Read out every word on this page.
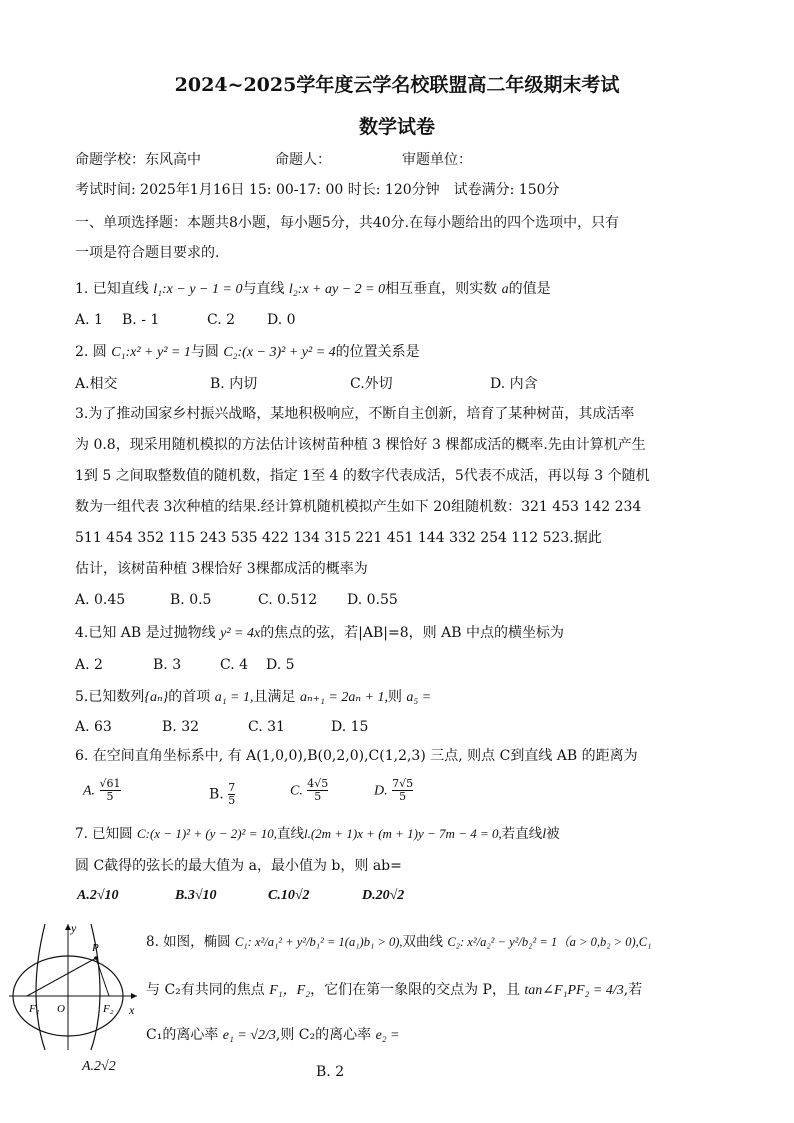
2024~2025学年度云学名校联盟高二年级期末考试
数学试卷
命题学校：东风高中	命题人：	审题单位：
考试时间: 2025年1月16日 15: 00-17: 00 时长: 120分钟　试卷满分: 150分
一、单项选择题：本题共8小题，每小题5分，共40分.在每小题给出的四个选项中，只有
一项是符合题目要求的.
1. 已知直线 l₁:x − y − 1 = 0与直线 l₂:x + ay − 2 = 0相互垂直，则实数 a的值是
A. 1 B. - 1	C. 2 D. 0
2. 圆 C₁:x² + y² = 1与圆 C₂:(x − 3)² + y² = 4的位置关系是
A.相交	B. 内切	C.外切	D. 内含
3.为了推动国家乡村振兴战略，某地积极响应，不断自主创新，培育了某种树苗，其成活率
为 0.8，现采用随机模拟的方法估计该树苗种植 3 棵恰好 3 棵都成活的概率.先由计算机产生
1到 5 之间取整数值的随机数，指定 1至 4 的数字代表成活，5代表不成活，再以每 3 个随机
数为一组代表 3次种植的结果.经计算机随机模拟产生如下 20组随机数：321 453 142 234
511 454 352 115 243 535 422 134 315 221 451 144 332 254 112 523.据此
估计，该树苗种植 3棵恰好 3棵都成活的概率为
A. 0.45	B. 0.5	C. 0.512 D. 0.55
4.已知 AB 是过抛物线 y² = 4x的焦点的弦，若|AB|=8，则 AB 中点的横坐标为
A. 2	B. 3	C. 4 D. 5
5.已知数列{aₙ}的首项 a₁ = 1,且满足 aₙ₊₁ = 2aₙ + 1,则 a₅ =
A. 63	B. 32	C. 31	D. 15
6. 在空间直角坐标系中, 有 A(1,0,0),B(0,2,0),C(1,2,3) 三点, 则点 C到直线 AB 的距离为
A. $\frac{√61}{5}$	B. $\frac{7}{5}$	C. $\frac{4√5}{5}$	D. $\frac{7√5}{5}$
7. 已知圆 C:(x − 1)² + (y − 2)² = 10,直线l.(2m + 1)x + (m + 1)y − 7m − 4 = 0,若直线l被
圆 C截得的弦长的最大值为 a，最小值为 b，则 ab=
A.2√10	B.3√10	C.10√2	D.20√2
y
x
P
O
F₁	F₂
8. 如图，椭圆 C₁: x²/a₁² + y²/b₁² = 1(a₁)b₁ > 0),双曲线 C₂: x²/a₂² − y²/b₂² = 1（a > 0,b₂ > 0),C₁
与 C₂有共同的焦点 F₁，F₂，它们在第一象限的交点为 P，且 tan∠F₁PF₂ = 4/3,若
C₁的离心率 e₁ = √2/3,则 C₂的离心率 e₂ =
A.2√2	B. 2
